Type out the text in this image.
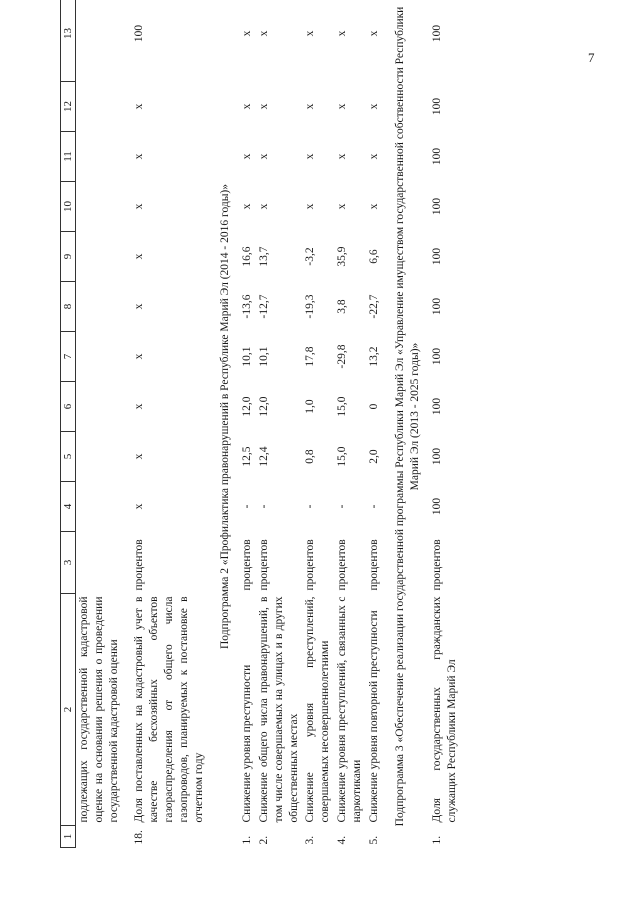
7
1	2	3	4	5	6	7	8	9	10	11	12	13
	подлежащих государственной кадастровой оценке на основании решения о проведении государственной кадастровой оценки											

18.	Доля поставленных на кадастровый учет в качестве бесхозяйных объектов газораспределения от общего числа газопроводов, планируемых к постановке в отчетном году	процентов	х	х	х	х	х	х	х	х	х	100
Подпрограмма 2 «Профилактика правонарушений в Республике Марий Эл (2014 - 2016 годы)»												
1.	Снижение уровня преступности	процентов	-	12,5	12,0	10,1	-13,6	16,6	х	х	х	х
2.	Снижение общего числа правонарушений, в том числе совершаемых на улицах и в других общественных местах	процентов	-	12,4	12,0	10,1	-12,7	13,7	х	х	х	х
3.	Снижение уровня преступлений, совершаемых несовершеннолетними	процентов	-	0,8	1,0	17,8	-19,3	-3,2	х	х	х	х
4.	Снижение уровня преступлений, связанных с наркотиками	процентов	-	15,0	15,0	-29,8	3,8	35,9	х	х	х	х
5.	Снижение уровня повторной преступности	процентов	-	2,0	0	13,2	-22,7	6,6	х	х	х	х
Подпрограмма 3 «Обеспечение реализации государственной программы Республики Марий Эл «Управление имуществом государственной собственности Республики Марий Эл (2013 - 2025 годы)»												
1.	Доля государственных гражданских служащих Республики Марий Эл	процентов	100	100	100	100	100	100	100	100	100	100
